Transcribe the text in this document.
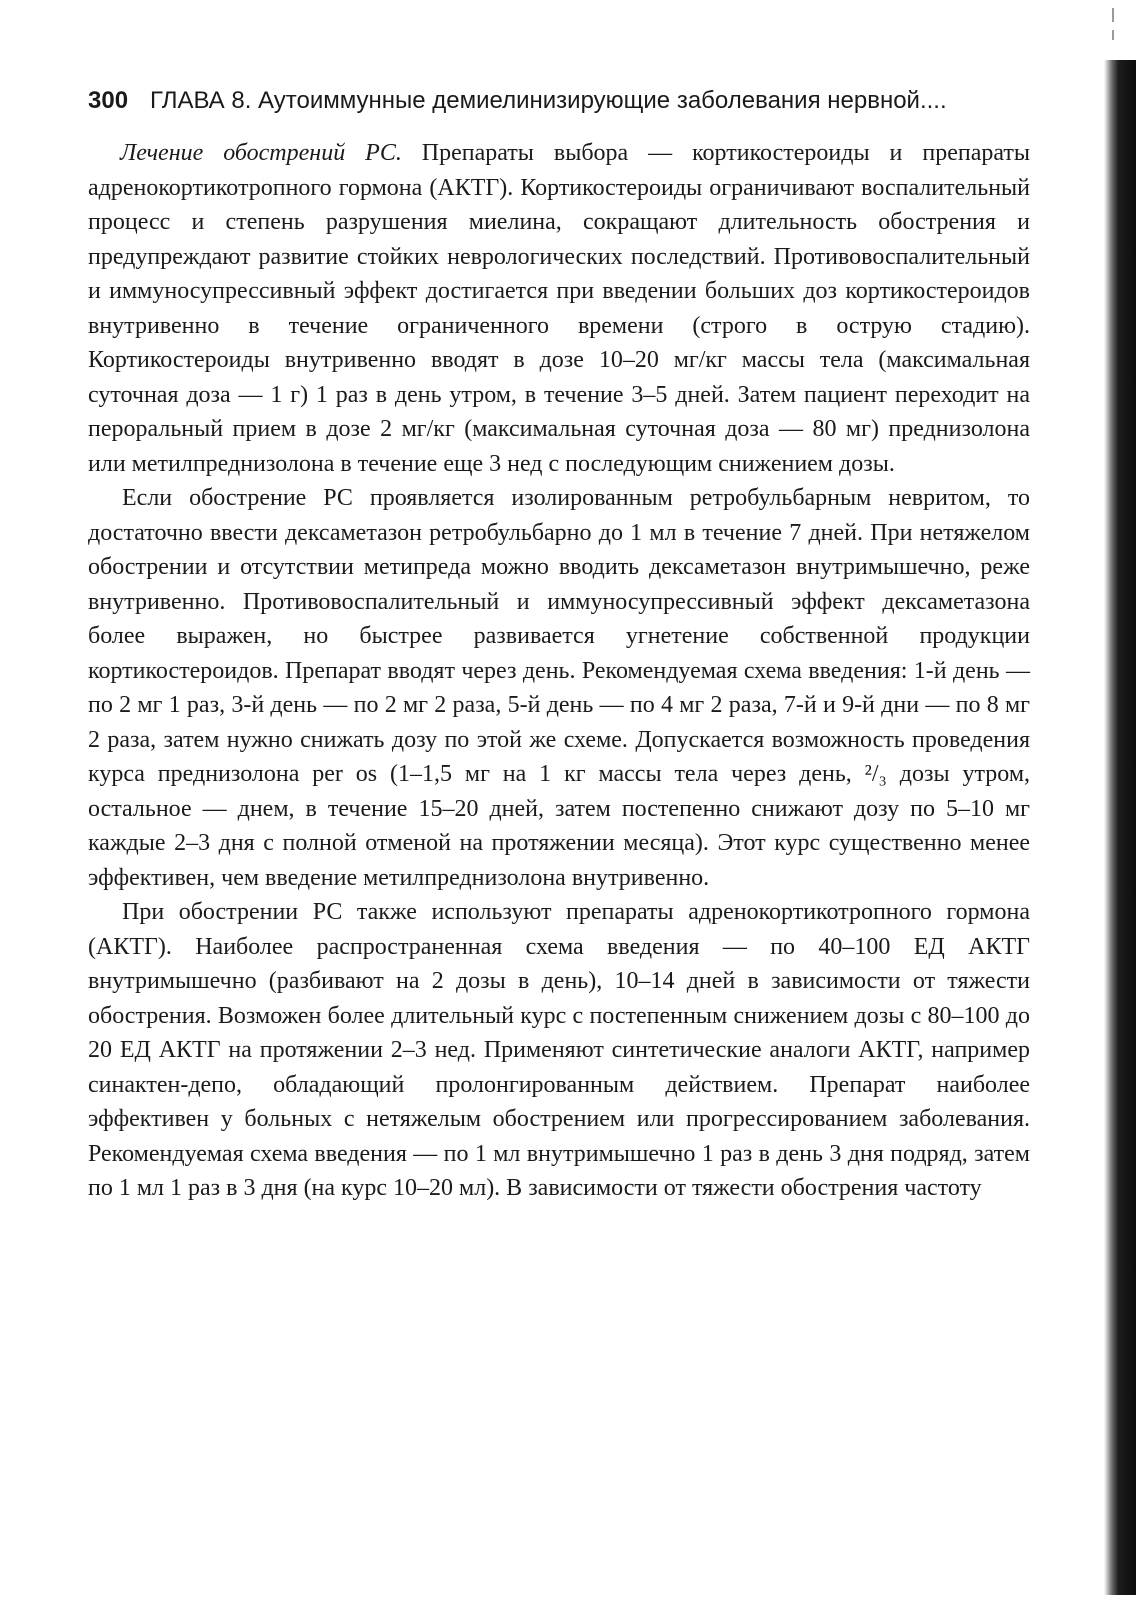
300 ГЛАВА 8. Аутоиммунные демиелинизирующие заболевания нервной....

Лечение обострений РС. Препараты выбора — кортикостероиды и препараты адренокортикотропного гормона (АКТГ). Кортикостероиды ограничивают воспалительный процесс и степень разрушения миелина, сокращают длительность обострения и предупреждают развитие стойких неврологических последствий. Противовоспалительный и иммуносупрессивный эффект достигается при введении больших доз кортикостероидов внутривенно в течение ограниченного времени (строго в острую стадию). Кортикостероиды внутривенно вводят в дозе 10–20 мг/кг массы тела (максимальная суточная доза — 1 г) 1 раз в день утром, в течение 3–5 дней. Затем пациент переходит на пероральный прием в дозе 2 мг/кг (максимальная суточная доза — 80 мг) преднизолона или метилпреднизолона в течение еще 3 нед с последующим снижением дозы.

Если обострение РС проявляется изолированным ретробульбарным невритом, то достаточно ввести дексаметазон ретробульбарно до 1 мл в течение 7 дней. При нетяжелом обострении и отсутствии метипреда можно вводить дексаметазон внутримышечно, реже внутривенно. Противовоспалительный и иммуносупрессивный эффект дексаметазона более выражен, но быстрее развивается угнетение собственной продукции кортикостероидов. Препарат вводят через день. Рекомендуемая схема введения: 1-й день — по 2 мг 1 раз, 3-й день — по 2 мг 2 раза, 5-й день — по 4 мг 2 раза, 7-й и 9-й дни — по 8 мг 2 раза, затем нужно снижать дозу по этой же схеме. Допускается возможность проведения курса преднизолона per os (1–1,5 мг на 1 кг массы тела через день, ²/₃ дозы утром, остальное — днем, в течение 15–20 дней, затем постепенно снижают дозу по 5–10 мг каждые 2–3 дня с полной отменой на протяжении месяца). Этот курс существенно менее эффективен, чем введение метилпреднизолона внутривенно.

При обострении РС также используют препараты адренокортикотропного гормона (АКТГ). Наиболее распространенная схема введения — по 40–100 ЕД АКТГ внутримышечно (разбивают на 2 дозы в день), 10–14 дней в зависимости от тяжести обострения. Возможен более длительный курс с постепенным снижением дозы с 80–100 до 20 ЕД АКТГ на протяжении 2–3 нед. Применяют синтетические аналоги АКТГ, например синактен-депо, обладающий пролонгированным действием. Препарат наиболее эффективен у больных с нетяжелым обострением или прогрессированием заболевания. Рекомендуемая схема введения — по 1 мл внутримышечно 1 раз в день 3 дня подряд, затем по 1 мл 1 раз в 3 дня (на курс 10–20 мл). В зависимости от тяжести обострения частоту
